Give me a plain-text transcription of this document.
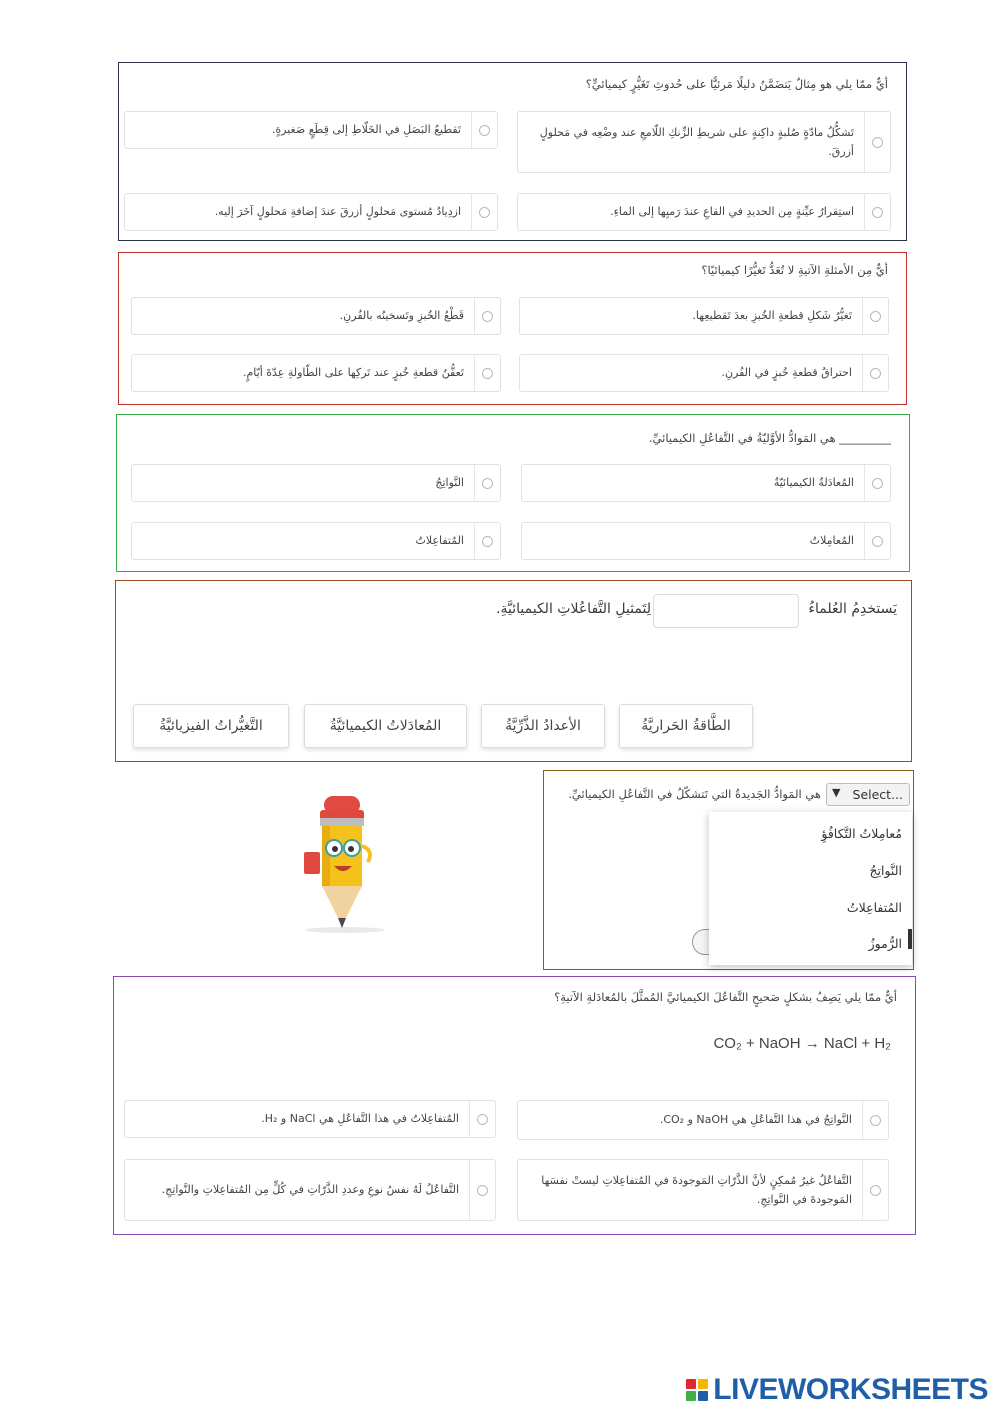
أيٌّ ممّا يلي هو مِثالٌ يَتضَمَّنُ دليلًا مَرئيًّا على حُدوثِ تَغَيُّرٍ كيميائيٍّ؟
تَشكُّلُ مادّةٍ صُلبةٍ داكِنةٍ على شريطِ الزِّنكِ اللّامعِ عند وضْعِه في مَحلولٍ أزرقَ.
تَقطيعُ البَصَلِ في الخَلّاطِ إلى قِطَعٍ صَغيرةٍ.
استِقرارُ عيِّنةٍ مِن الحديدِ في القاعِ عندَ رَميِها إلى الماءِ.
ازدِيادُ مُستوى مَحلولٍ أزرقَ عندَ إضافةِ مَحلولٍ آخَرَ إليه.
أيٌّ مِن الأمثلةِ الآتيةِ لا تُعَدُّ تَغيُّرًا كيميائيًا؟
تَغيُّرُ شَكلِ قطعةِ الخُبزِ بعدَ تَقطيعِها.
قَطْعُ الخُبزِ وتَسخينُه بالفُرنِ.
احتراقُ قطعةِ خُبزٍ في الفُرنِ.
تَعفُّنُ قطعةِ خُبزٍ عند تَركِها على الطّاولةِ عِدّةَ أيّامٍ.
_________ هي المَوادُّ الأوَّليّةُ في التَّفاعُلِ الكيميائيِّ.
المُعادَلةُ الكيميائيّةُ
النَّواتِجُ
المُعامِلاتُ
المُتفاعِلاتُ
يَستخدِمُ العُلماءُ
لِتَمثيلِ التَّفاعُلاتِ الكيميائيَّةِ.
الطَّاقةُ الحَراريَّةُ
الأعدادُ الذَّرِّيَّةُ
المُعادَلاتُ الكيميائيَّةُ
التَّغيُّراتُ الفيزيائيَّةُ
Select...
▼
هي المَوادُّ الجَديدةُ التي تَتشكّلُ في التَّفاعُلِ الكيميائيِّ.
مُعامِلاتُ التَّكافُؤِ
النَّواتِجُ
المُتفاعِلاتُ
الرُّموزُ
أيٌّ ممّا يلي يَصِفُ بشكلٍ صَحيحٍ التَّفاعُلَ الكيميائيَّ المُمثَّلَ بالمُعادَلةِ الآتيةِ؟
CO₂ + NaOH → NaCl + H₂
النَّواتِجُ في هذا التَّفاعُلِ هي NaOH و CO₂.
المُتفاعِلاتُ في هذا التَّفاعُلِ هي NaCl و H₂.
التَّفاعُلُ غيرُ مُمكِنٍ لأنَّ الذَّرّاتِ المَوجودةَ في المُتفاعِلاتِ ليستْ نفسَها المَوجودةَ في النَّواتِجِ.
التَّفاعُلُ لَهُ نفسُ نوعِ وعددِ الذَّرّاتِ في كُلٍّ مِن المُتفاعِلاتِ والنَّواتِجِ.
LIVEWORKSHEETS
